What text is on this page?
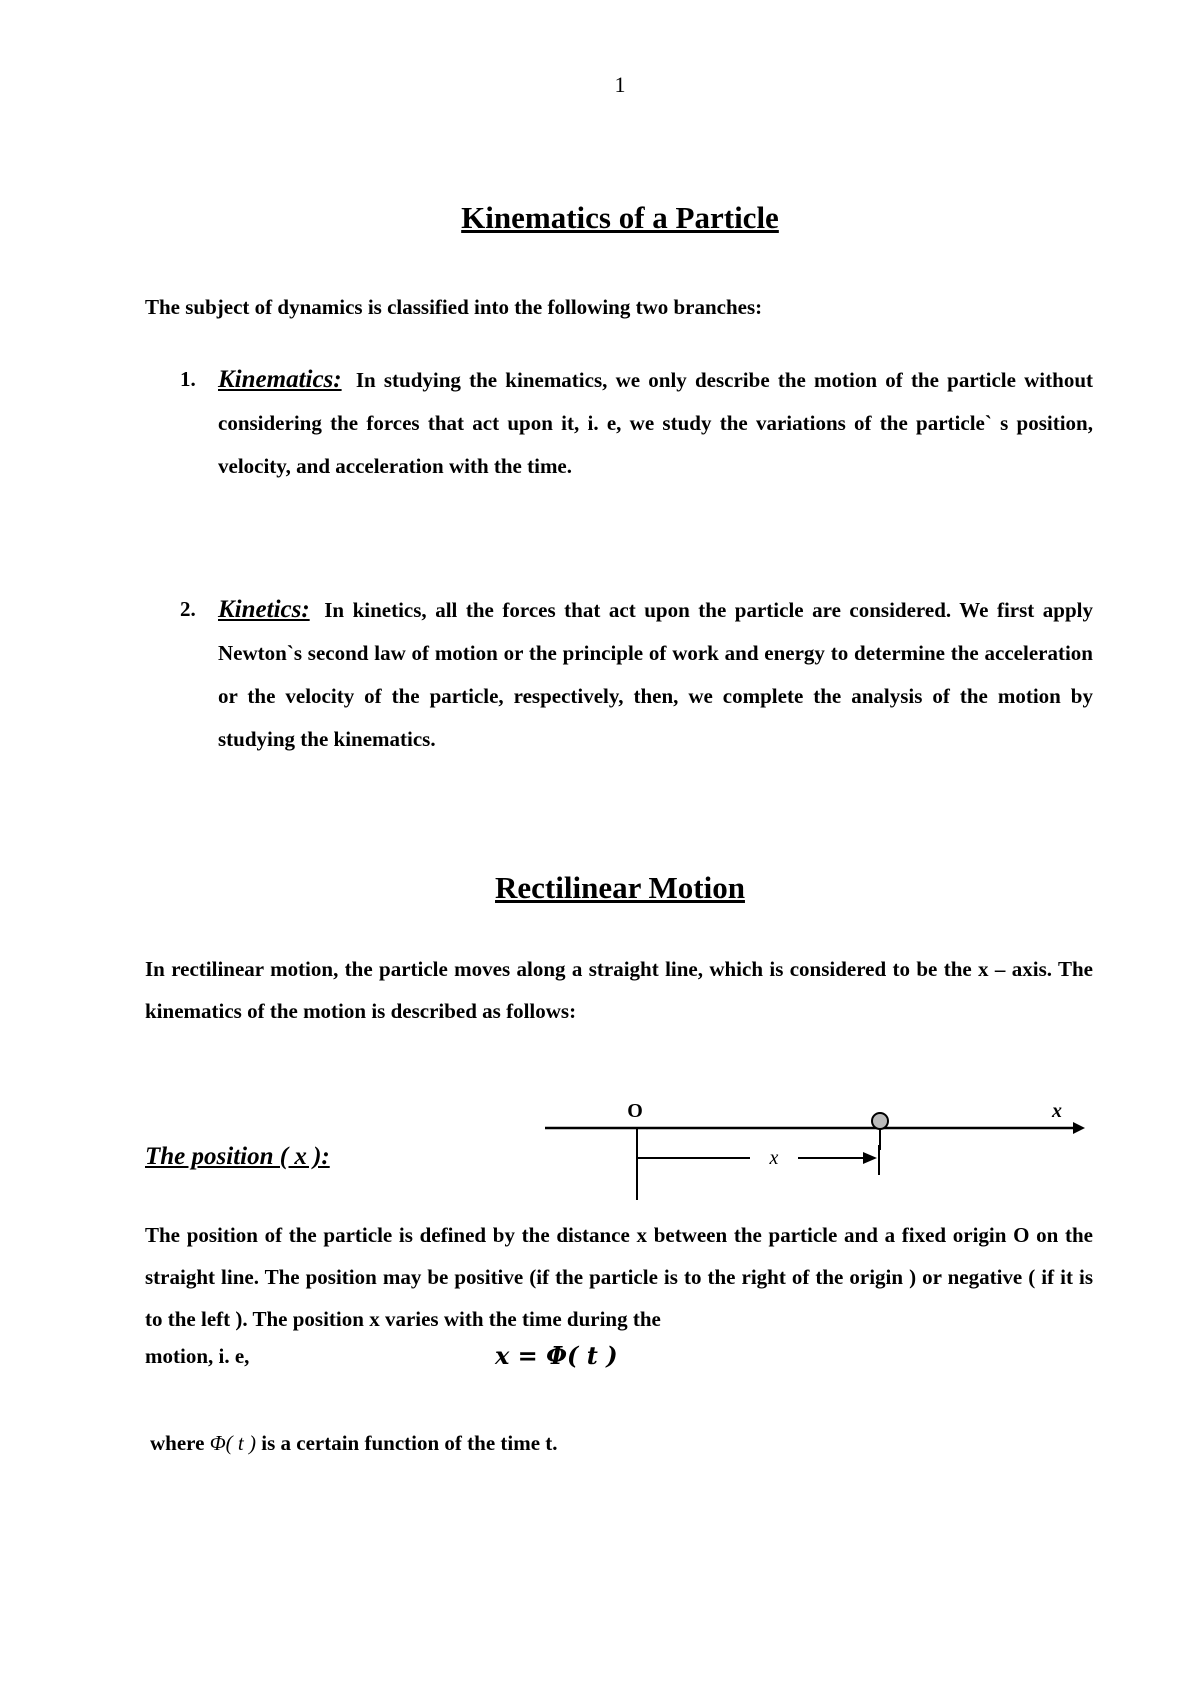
1
Kinematics of a Particle
The subject of dynamics is classified into the following two branches:
1. Kinematics: In studying the kinematics, we only describe the motion of the particle without considering the forces that act upon it, i. e, we study the variations of the particle` s position, velocity, and acceleration with the time.
2. Kinetics: In kinetics, all the forces that act upon the particle are considered. We first apply Newton`s second law of motion or the principle of work and energy to determine the acceleration or the velocity of the particle, respectively, then, we complete the analysis of the motion by studying the kinematics.
Rectilinear Motion
In rectilinear motion, the particle moves along a straight line, which is considered to be the x – axis. The kinematics of the motion is described as follows:
The position ( x ):
O	x
x
The position of the particle is defined by the distance x between the particle and a fixed origin O on the straight line. The position may be positive (if the particle is to the right of the origin ) or negative ( if it is to the left ). The position x varies with the time during the
motion, i. e,	x = Φ( t )
where Φ( t ) is a certain function of the time t.
